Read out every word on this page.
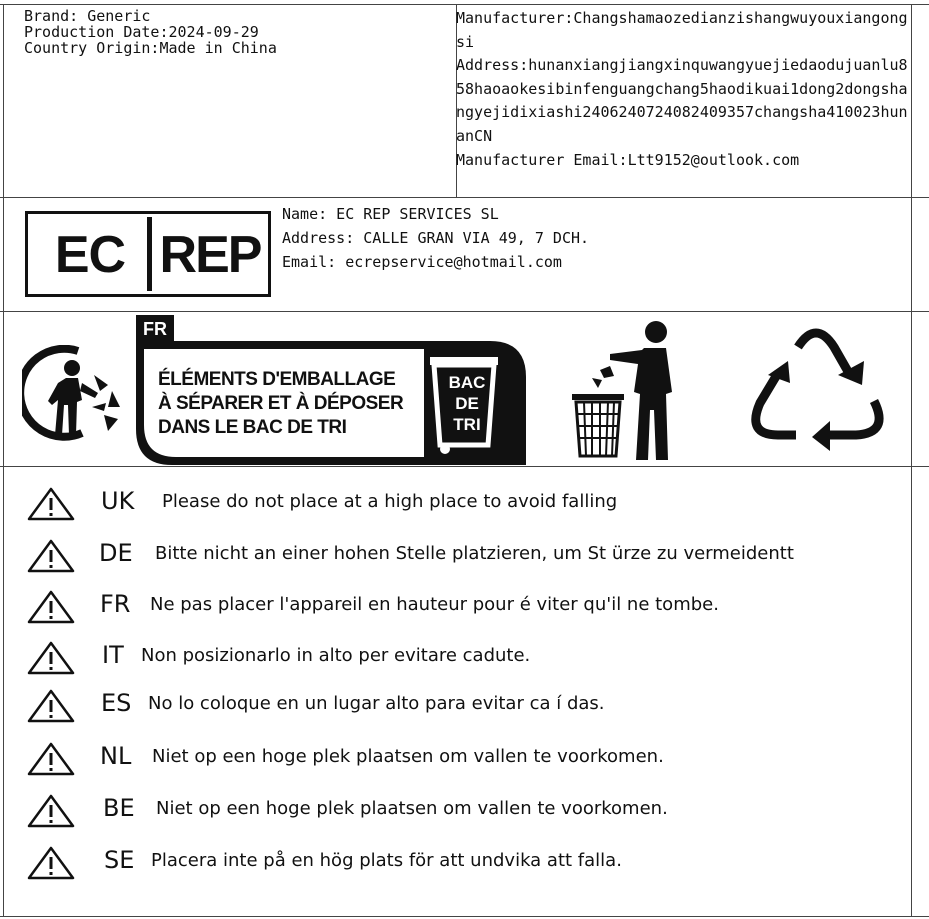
Brand: Generic
Production Date:2024-09-29
Country Origin:Made in China
Manufacturer:Changshamaozedianzishangwuyouxiangongsi
Address:hunanxiangjiangxinquwangyuejiedaodujuanlu858haoaokesibinfenguangchang5haodikuai1dong2dongshangyejidixiashi2406240724082409357changsha410023hunanCN
Manufacturer Email:Ltt9152@outlook.com
EC REP
Name: EC REP SERVICES SL
Address: CALLE GRAN VIA 49, 7 DCH.
Email: ecrepservice@hotmail.com
FR
ÉLÉMENTS D'EMBALLAGE
À SÉPARER ET À DÉPOSER
DANS LE BAC DE TRI
BAC
DE
TRI
UK Please do not place at a high place to avoid falling
DE Bitte nicht an einer hohen Stelle platzieren, um St ürze zu vermeidentt
FR Ne pas placer l'appareil en hauteur pour é viter qu'il ne tombe.
IT Non posizionarlo in alto per evitare cadute.
ES No lo coloque en un lugar alto para evitar ca í das.
NL Niet op een hoge plek plaatsen om vallen te voorkomen.
BE Niet op een hoge plek plaatsen om vallen te voorkomen.
SE Placera inte på en hög plats för att undvika att falla.
